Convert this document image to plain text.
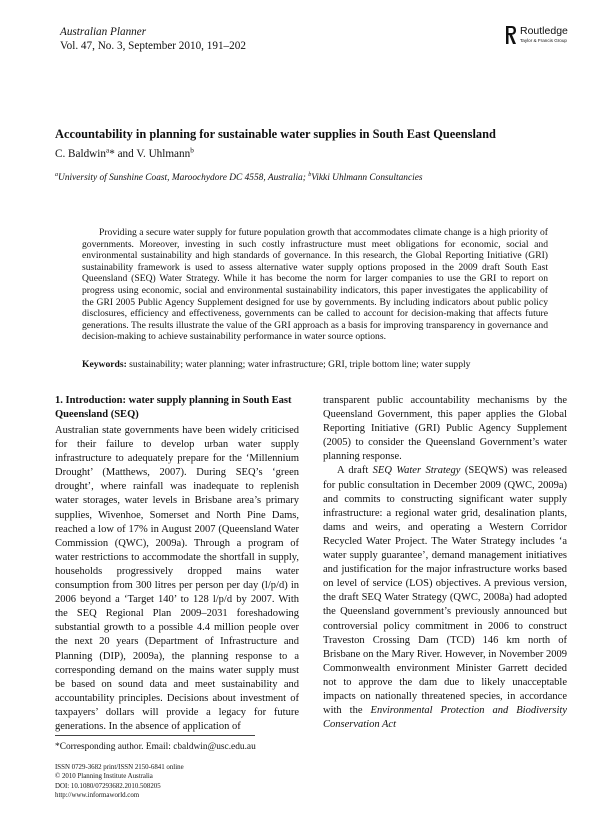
Australian Planner
Vol. 47, No. 3, September 2010, 191–202
Routledge
Taylor & Francis Group
Accountability in planning for sustainable water supplies in South East Queensland
C. Baldwin$^a$* and V. Uhlmann$^b$
$^a$University of Sunshine Coast, Maroochydore DC 4558, Australia; $^b$Vikki Uhlmann Consultancies

Providing a secure water supply for future population growth that accommodates climate change is a high priority of governments. Moreover, investing in such costly infrastructure must meet obligations for economic, social and environmental sustainability and high standards of governance. In this research, the Global Reporting Initiative (GRI) sustainability framework is used to assess alternative water supply options proposed in the 2009 draft South East Queensland (SEQ) Water Strategy. While it has become the norm for larger companies to use the GRI to report on progress using economic, social and environmental sustainability indicators, this paper investigates the applicability of the GRI 2005 Public Agency Supplement designed for use by governments. By including indicators about public policy disclosures, efficiency and effectiveness, governments can be called to account for decision-making that affects future generations. The results illustrate the value of the GRI approach as a basis for improving transparency in governance and decision-making to achieve sustainability performance in water source options.

Keywords: sustainability; water planning; water infrastructure; GRI, triple bottom line; water supply

1. Introduction: water supply planning in South East Queensland (SEQ)

Australian state governments have been widely criticised for their failure to develop urban water supply infrastructure to adequately prepare for the ‘Millennium Drought’ (Matthews, 2007). During SEQ’s ‘green drought’, where rainfall was inadequate to replenish water storages, water levels in Brisbane area’s primary supplies, Wivenhoe, Somerset and North Pine Dams, reached a low of 17% in August 2007 (Queensland Water Commission (QWC), 2009a). Through a program of water restrictions to accommodate the shortfall in supply, households progressively dropped mains water consumption from 300 litres per person per day (l/p/d) in 2006 beyond a ‘Target 140’ to 128 l/p/d by 2007. With the SEQ Regional Plan 2009–2031 foreshadowing substantial growth to a possible 4.4 million people over the next 20 years (Department of Infrastructure and Planning (DIP), 2009a), the planning response to a corresponding demand on the mains water supply must be based on sound data and meet sustainability and accountability principles. Decisions about investment of taxpayers’ dollars will provide a legacy for future generations. In the absence of application of

transparent public accountability mechanisms by the Queensland Government, this paper applies the Global Reporting Initiative (GRI) Public Agency Supplement (2005) to consider the Queensland Government’s water planning response.

A draft SEQ Water Strategy (SEQWS) was released for public consultation in December 2009 (QWC, 2009a) and commits to constructing significant water supply infrastructure: a regional water grid, desalination plants, dams and weirs, and operating a Western Corridor Recycled Water Project. The Water Strategy includes ‘a water supply guarantee’, demand management initiatives and justification for the major infrastructure works based on level of service (LOS) objectives. A previous version, the draft SEQ Water Strategy (QWC, 2008a) had adopted the Queensland government’s previously announced but controversial policy commitment in 2006 to construct Traveston Crossing Dam (TCD) 146 km north of Brisbane on the Mary River. However, in November 2009 Commonwealth environment Minister Garrett decided not to approve the dam due to likely unacceptable impacts on nationally threatened species, in accordance with the Environmental Protection and Biodiversity Conservation Act

*Corresponding author. Email: cbaldwin@usc.edu.au
ISSN 0729-3682 print/ISSN 2150-6841 online
© 2010 Planning Institute Australia
DOI: 10.1080/07293682.2010.508205
http://www.informaworld.com
